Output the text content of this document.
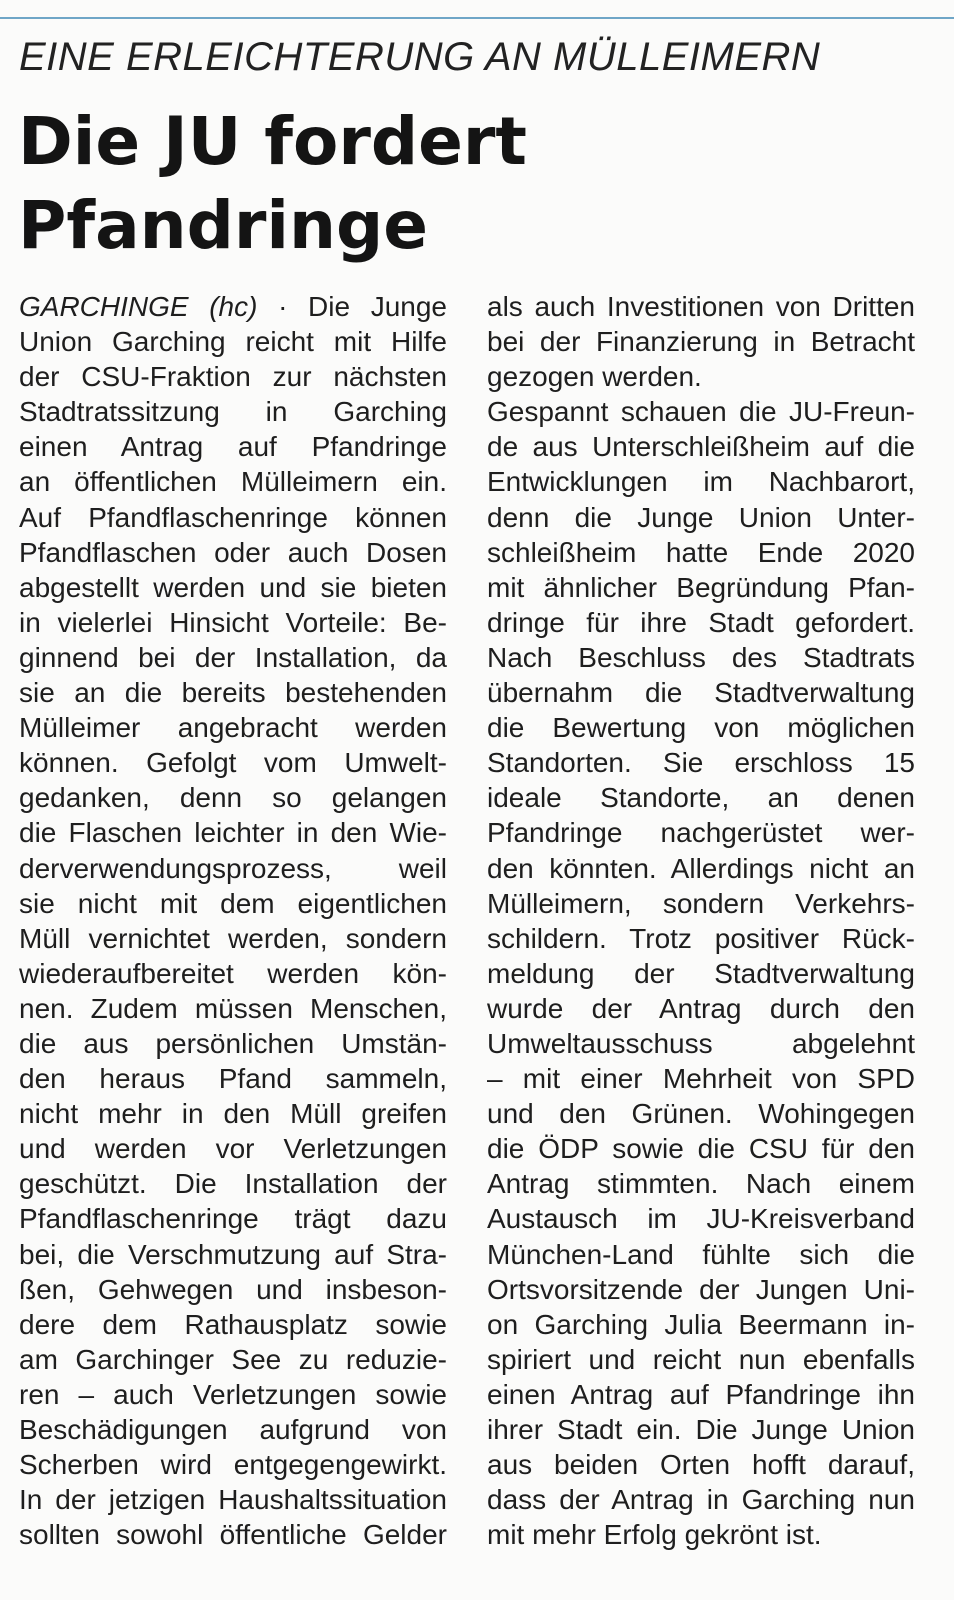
EINE ERLEICHTERUNG AN MÜLLEIMERN
Die JU fordert
Pfandringe
GARCHINGE (hc) · Die Junge
Union Garching reicht mit Hilfe
der CSU-Fraktion zur nächsten
Stadtratssitzung in Garching
einen Antrag auf Pfandringe
an öffentlichen Mülleimern ein.
Auf Pfandflaschenringe können
Pfandflaschen oder auch Dosen
abgestellt werden und sie bieten
in vielerlei Hinsicht Vorteile: Be-
ginnend bei der Installation, da
sie an die bereits bestehenden
Mülleimer angebracht werden
können. Gefolgt vom Umwelt-
gedanken, denn so gelangen
die Flaschen leichter in den Wie-
derverwendungsprozess, weil
sie nicht mit dem eigentlichen
Müll vernichtet werden, sondern
wiederaufbereitet werden kön-
nen. Zudem müssen Menschen,
die aus persönlichen Umstän-
den heraus Pfand sammeln,
nicht mehr in den Müll greifen
und werden vor Verletzungen
geschützt. Die Installation der
Pfandflaschenringe trägt dazu
bei, die Verschmutzung auf Stra-
ßen, Gehwegen und insbeson-
dere dem Rathausplatz sowie
am Garchinger See zu reduzie-
ren – auch Verletzungen sowie
Beschädigungen aufgrund von
Scherben wird entgegengewirkt.
In der jetzigen Haushaltssituation
sollten sowohl öffentliche Gelder
als auch Investitionen von Dritten
bei der Finanzierung in Betracht
gezogen werden.
Gespannt schauen die JU-Freun-
de aus Unterschleißheim auf die
Entwicklungen im Nachbarort,
denn die Junge Union Unter-
schleißheim hatte Ende 2020
mit ähnlicher Begründung Pfan-
dringe für ihre Stadt gefordert.
Nach Beschluss des Stadtrats
übernahm die Stadtverwaltung
die Bewertung von möglichen
Standorten. Sie erschloss 15
ideale Standorte, an denen
Pfandringe nachgerüstet wer-
den könnten. Allerdings nicht an
Mülleimern, sondern Verkehrs-
schildern. Trotz positiver Rück-
meldung der Stadtverwaltung
wurde der Antrag durch den
Umweltausschuss abgelehnt
– mit einer Mehrheit von SPD
und den Grünen. Wohingegen
die ÖDP sowie die CSU für den
Antrag stimmten. Nach einem
Austausch im JU-Kreisverband
München-Land fühlte sich die
Ortsvorsitzende der Jungen Uni-
on Garching Julia Beermann in-
spiriert und reicht nun ebenfalls
einen Antrag auf Pfandringe ihn
ihrer Stadt ein. Die Junge Union
aus beiden Orten hofft darauf,
dass der Antrag in Garching nun
mit mehr Erfolg gekrönt ist.
